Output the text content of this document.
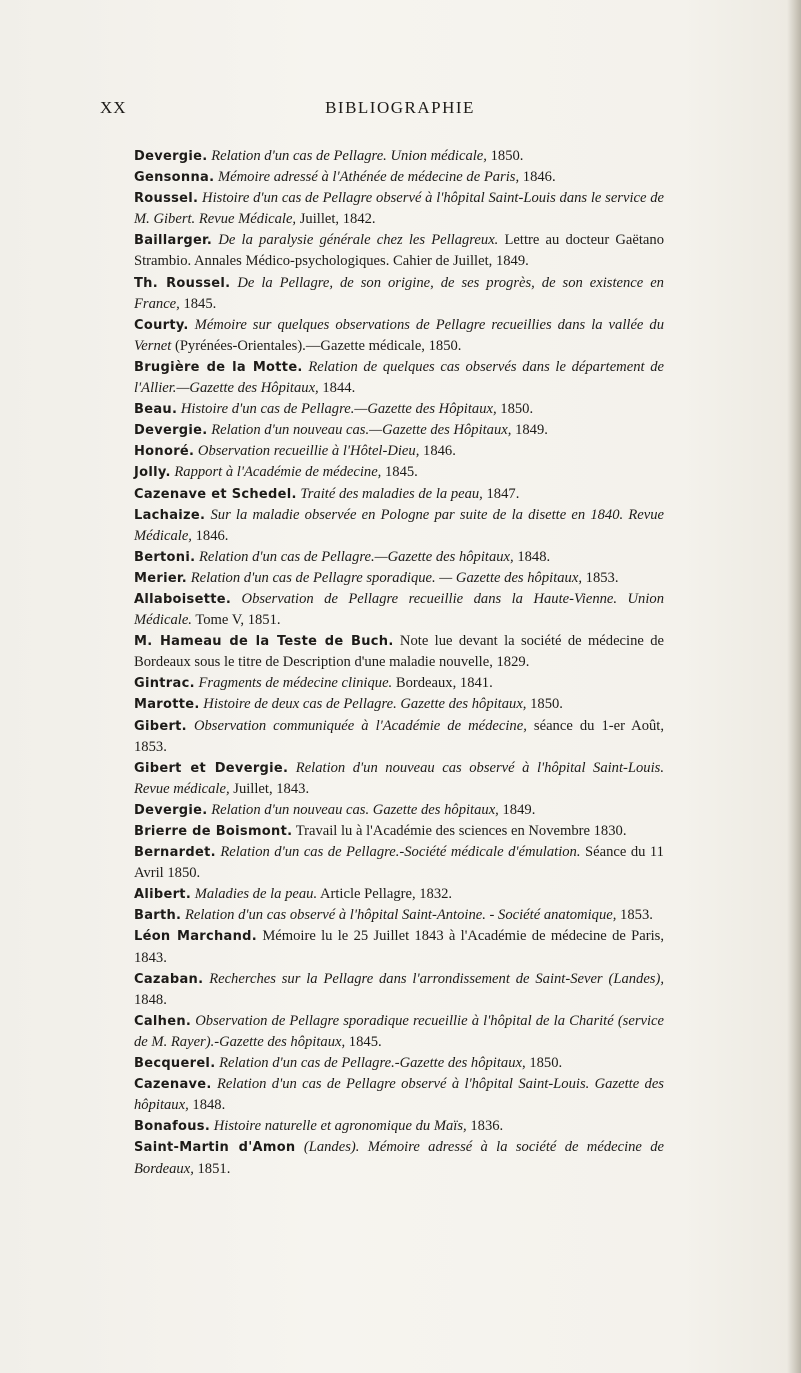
XX	BIBLIOGRAPHIE

Devergie. Relation d'un cas de Pellagre. Union médicale, 1850.

Gensonna. Mémoire adressé à l'Athénée de médecine de Paris, 1846.

Roussel. Histoire d'un cas de Pellagre observé à l'hôpital Saint-Louis dans le service de M. Gibert. Revue Médicale, Juillet, 1842.

Baillarger. De la paralysie générale chez les Pellagreux. Lettre au docteur Gaëtano Strambio. Annales Médico-psychologiques. Cahier de Juillet, 1849.

Th. Roussel. De la Pellagre, de son origine, de ses progrès, de son existence en France, 1845.

Courty. Mémoire sur quelques observations de Pellagre recueillies dans la vallée du Vernet (Pyrénées-Orientales).—Gazette médicale, 1850.

Brugière de la Motte. Relation de quelques cas observés dans le département de l'Allier.—Gazette des Hôpitaux, 1844.

Beau. Histoire d'un cas de Pellagre.—Gazette des Hôpitaux, 1850.

Devergie. Relation d'un nouveau cas.—Gazette des Hôpitaux, 1849.

Honoré. Observation recueillie à l'Hôtel-Dieu, 1846.

Jolly. Rapport à l'Académie de médecine, 1845.

Cazenave et Schedel. Traité des maladies de la peau, 1847.

Lachaize. Sur la maladie observée en Pologne par suite de la disette en 1840. Revue Médicale, 1846.

Bertoni. Relation d'un cas de Pellagre.—Gazette des hôpitaux, 1848.

Merier. Relation d'un cas de Pellagre sporadique. — Gazette des hôpitaux, 1853.

Allaboisette. Observation de Pellagre recueillie dans la Haute-Vienne. Union Médicale. Tome V, 1851.

M. Hameau de la Teste de Buch. Note lue devant la société de médecine de Bordeaux sous le titre de Description d'une maladie nouvelle, 1829.

Gintrac. Fragments de médecine clinique. Bordeaux, 1841.

Marotte. Histoire de deux cas de Pellagre. Gazette des hôpitaux, 1850.

Gibert. Observation communiquée à l'Académie de médecine, séance du 1-er Août, 1853.

Gibert et Devergie. Relation d'un nouveau cas observé à l'hôpital Saint-Louis. Revue médicale, Juillet, 1843.

Devergie. Relation d'un nouveau cas. Gazette des hôpitaux, 1849.

Brierre de Boismont. Travail lu à l'Académie des sciences en Novembre 1830.

Bernardet. Relation d'un cas de Pellagre.-Société médicale d'émulation. Séance du 11 Avril 1850.

Alibert. Maladies de la peau. Article Pellagre, 1832.

Barth. Relation d'un cas observé à l'hôpital Saint-Antoine. - Société anatomique, 1853.

Léon Marchand. Mémoire lu le 25 Juillet 1843 à l'Académie de médecine de Paris, 1843.

Cazaban. Recherches sur la Pellagre dans l'arrondissement de Saint-Sever (Landes), 1848.

Calhen. Observation de Pellagre sporadique recueillie à l'hôpital de la Charité (service de M. Rayer).-Gazette des hôpitaux, 1845.

Becquerel. Relation d'un cas de Pellagre.-Gazette des hôpitaux, 1850.

Cazenave. Relation d'un cas de Pellagre observé à l'hôpital Saint-Louis. Gazette des hôpitaux, 1848.

Bonafous. Histoire naturelle et agronomique du Maïs, 1836.

Saint-Martin d'Amon (Landes). Mémoire adressé à la société de médecine de Bordeaux, 1851.
